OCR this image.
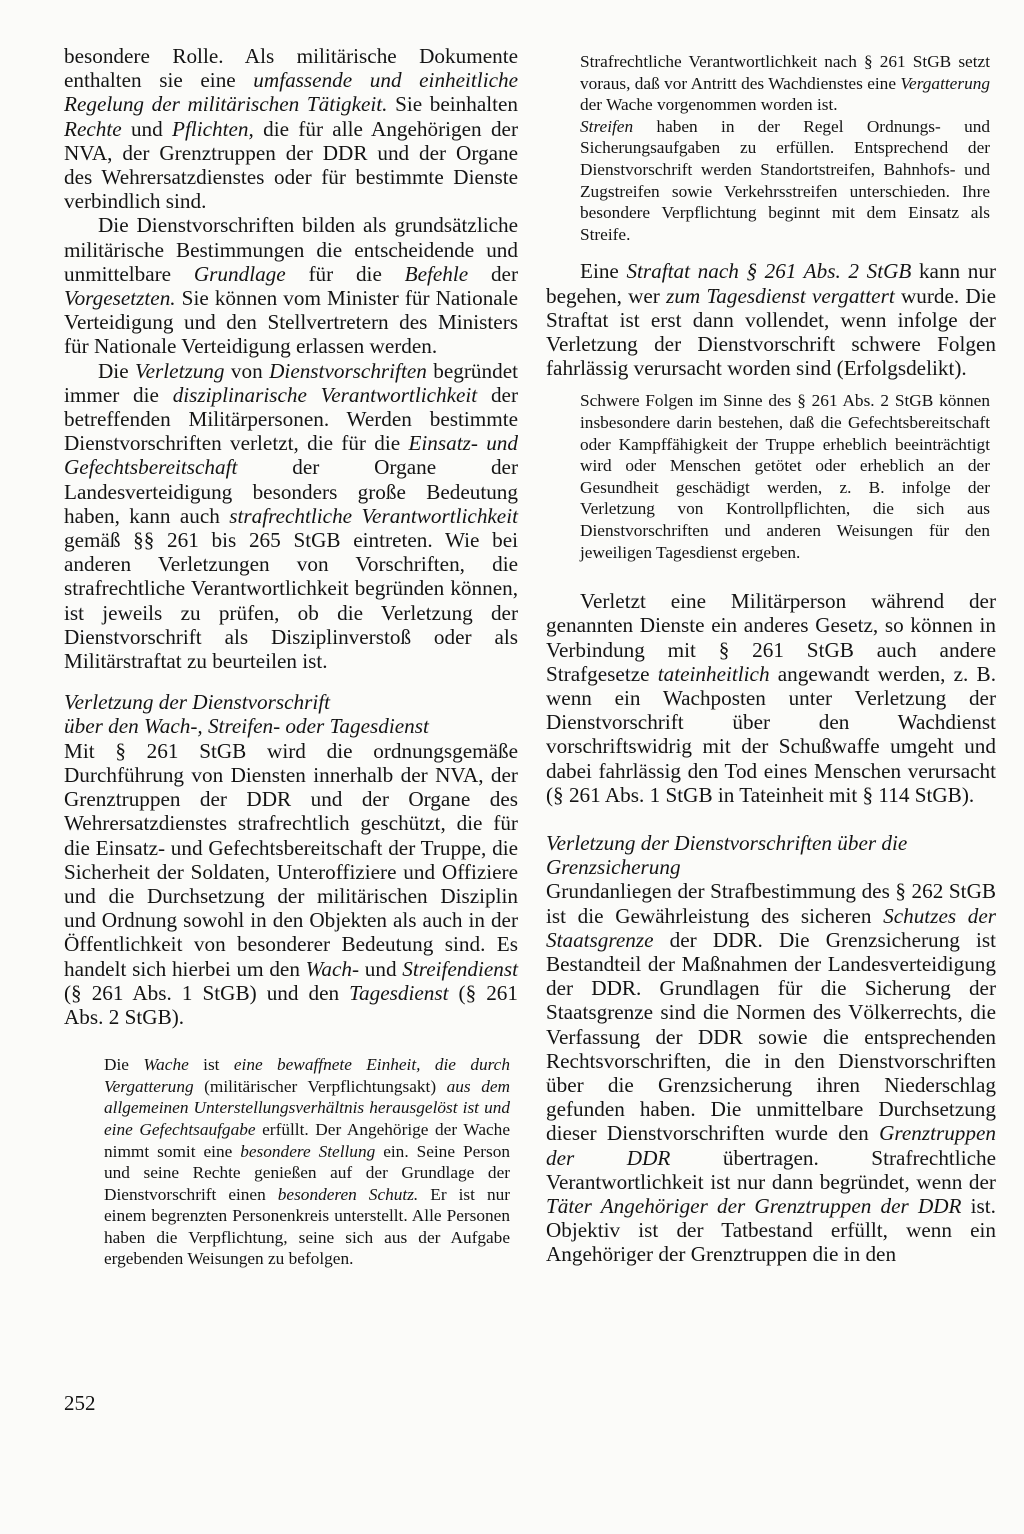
besondere Rolle. Als militärische Dokumente enthalten sie eine umfassende und einheitliche Regelung der militärischen Tätigkeit. Sie beinhalten Rechte und Pflichten, die für alle Angehörigen der NVA, der Grenztruppen der DDR und der Organe des Wehrersatzdienstes oder für bestimmte Dienste verbindlich sind.

Die Dienstvorschriften bilden als grundsätzliche militärische Bestimmungen die entscheidende und unmittelbare Grundlage für die Befehle der Vorgesetzten. Sie können vom Minister für Nationale Verteidigung und den Stellvertretern des Ministers für Nationale Verteidigung erlassen werden.

Die Verletzung von Dienstvorschriften begründet immer die disziplinarische Verantwortlichkeit der betreffenden Militärpersonen. Werden bestimmte Dienstvorschriften verletzt, die für die Einsatz- und Gefechtsbereitschaft der Organe der Landesverteidigung besonders große Bedeutung haben, kann auch strafrechtliche Verantwortlichkeit gemäß §§ 261 bis 265 StGB eintreten. Wie bei anderen Verletzungen von Vorschriften, die strafrechtliche Verantwortlichkeit begründen können, ist jeweils zu prüfen, ob die Verletzung der Dienstvorschrift als Disziplinverstoß oder als Militärstraftat zu beurteilen ist.

Verletzung der Dienstvorschrift

über den Wach-, Streifen- oder Tagesdienst

Mit § 261 StGB wird die ordnungsgemäße Durchführung von Diensten innerhalb der NVA, der Grenztruppen der DDR und der Organe des Wehrersatzdienstes strafrechtlich geschützt, die für die Einsatz- und Gefechtsbereitschaft der Truppe, die Sicherheit der Soldaten, Unteroffiziere und Offiziere und die Durchsetzung der militärischen Disziplin und Ordnung sowohl in den Objekten als auch in der Öffentlichkeit von besonderer Bedeutung sind. Es handelt sich hierbei um den Wach- und Streifendienst (§ 261 Abs. 1 StGB) und den Tagesdienst (§ 261 Abs. 2 StGB).

Die Wache ist eine bewaffnete Einheit, die durch Vergatterung (militärischer Verpflichtungsakt) aus dem allgemeinen Unterstellungsverhältnis herausgelöst ist und eine Gefechtsaufgabe erfüllt. Der Angehörige der Wache nimmt somit eine besondere Stellung ein. Seine Person und seine Rechte genießen auf der Grundlage der Dienstvorschrift einen besonderen Schutz. Er ist nur einem begrenzten Personenkreis unterstellt. Alle Personen haben die Verpflichtung, seine sich aus der Aufgabe ergebenden Weisungen zu befolgen.

Strafrechtliche Verantwortlichkeit nach § 261 StGB setzt voraus, daß vor Antritt des Wachdienstes eine Vergatterung der Wache vorgenommen worden ist.

Streifen haben in der Regel Ordnungs- und Sicherungsaufgaben zu erfüllen. Entsprechend der Dienstvorschrift werden Standortstreifen, Bahnhofs- und Zugstreifen sowie Verkehrsstreifen unterschieden. Ihre besondere Verpflichtung beginnt mit dem Einsatz als Streife.

Eine Straftat nach § 261 Abs. 2 StGB kann nur begehen, wer zum Tagesdienst vergattert wurde. Die Straftat ist erst dann vollendet, wenn infolge der Verletzung der Dienstvorschrift schwere Folgen fahrlässig verursacht worden sind (Erfolgsdelikt).

Schwere Folgen im Sinne des § 261 Abs. 2 StGB können insbesondere darin bestehen, daß die Gefechtsbereitschaft oder Kampffähigkeit der Truppe erheblich beeinträchtigt wird oder Menschen getötet oder erheblich an der Gesundheit geschädigt werden, z. B. infolge der Verletzung von Kontrollpflichten, die sich aus Dienstvorschriften und anderen Weisungen für den jeweiligen Tagesdienst ergeben.

Verletzt eine Militärperson während der genannten Dienste ein anderes Gesetz, so können in Verbindung mit § 261 StGB auch andere Strafgesetze tateinheitlich angewandt werden, z. B. wenn ein Wachposten unter Verletzung der Dienstvorschrift über den Wachdienst vorschriftswidrig mit der Schußwaffe umgeht und dabei fahrlässig den Tod eines Menschen verursacht (§ 261 Abs. 1 StGB in Tateinheit mit § 114 StGB).

Verletzung der Dienstvorschriften über die Grenzsicherung

Grundanliegen der Strafbestimmung des § 262 StGB ist die Gewährleistung des sicheren Schutzes der Staatsgrenze der DDR. Die Grenzsicherung ist Bestandteil der Maßnahmen der Landesverteidigung der DDR. Grundlagen für die Sicherung der Staatsgrenze sind die Normen des Völkerrechts, die Verfassung der DDR sowie die entsprechenden Rechtsvorschriften, die in den Dienstvorschriften über die Grenzsicherung ihren Niederschlag gefunden haben. Die unmittelbare Durchsetzung dieser Dienstvorschriften wurde den Grenztruppen der DDR übertragen. Strafrechtliche Verantwortlichkeit ist nur dann begründet, wenn der Täter Angehöriger der Grenztruppen der DDR ist. Objektiv ist der Tatbestand erfüllt, wenn ein Angehöriger der Grenztruppen die in den

252
